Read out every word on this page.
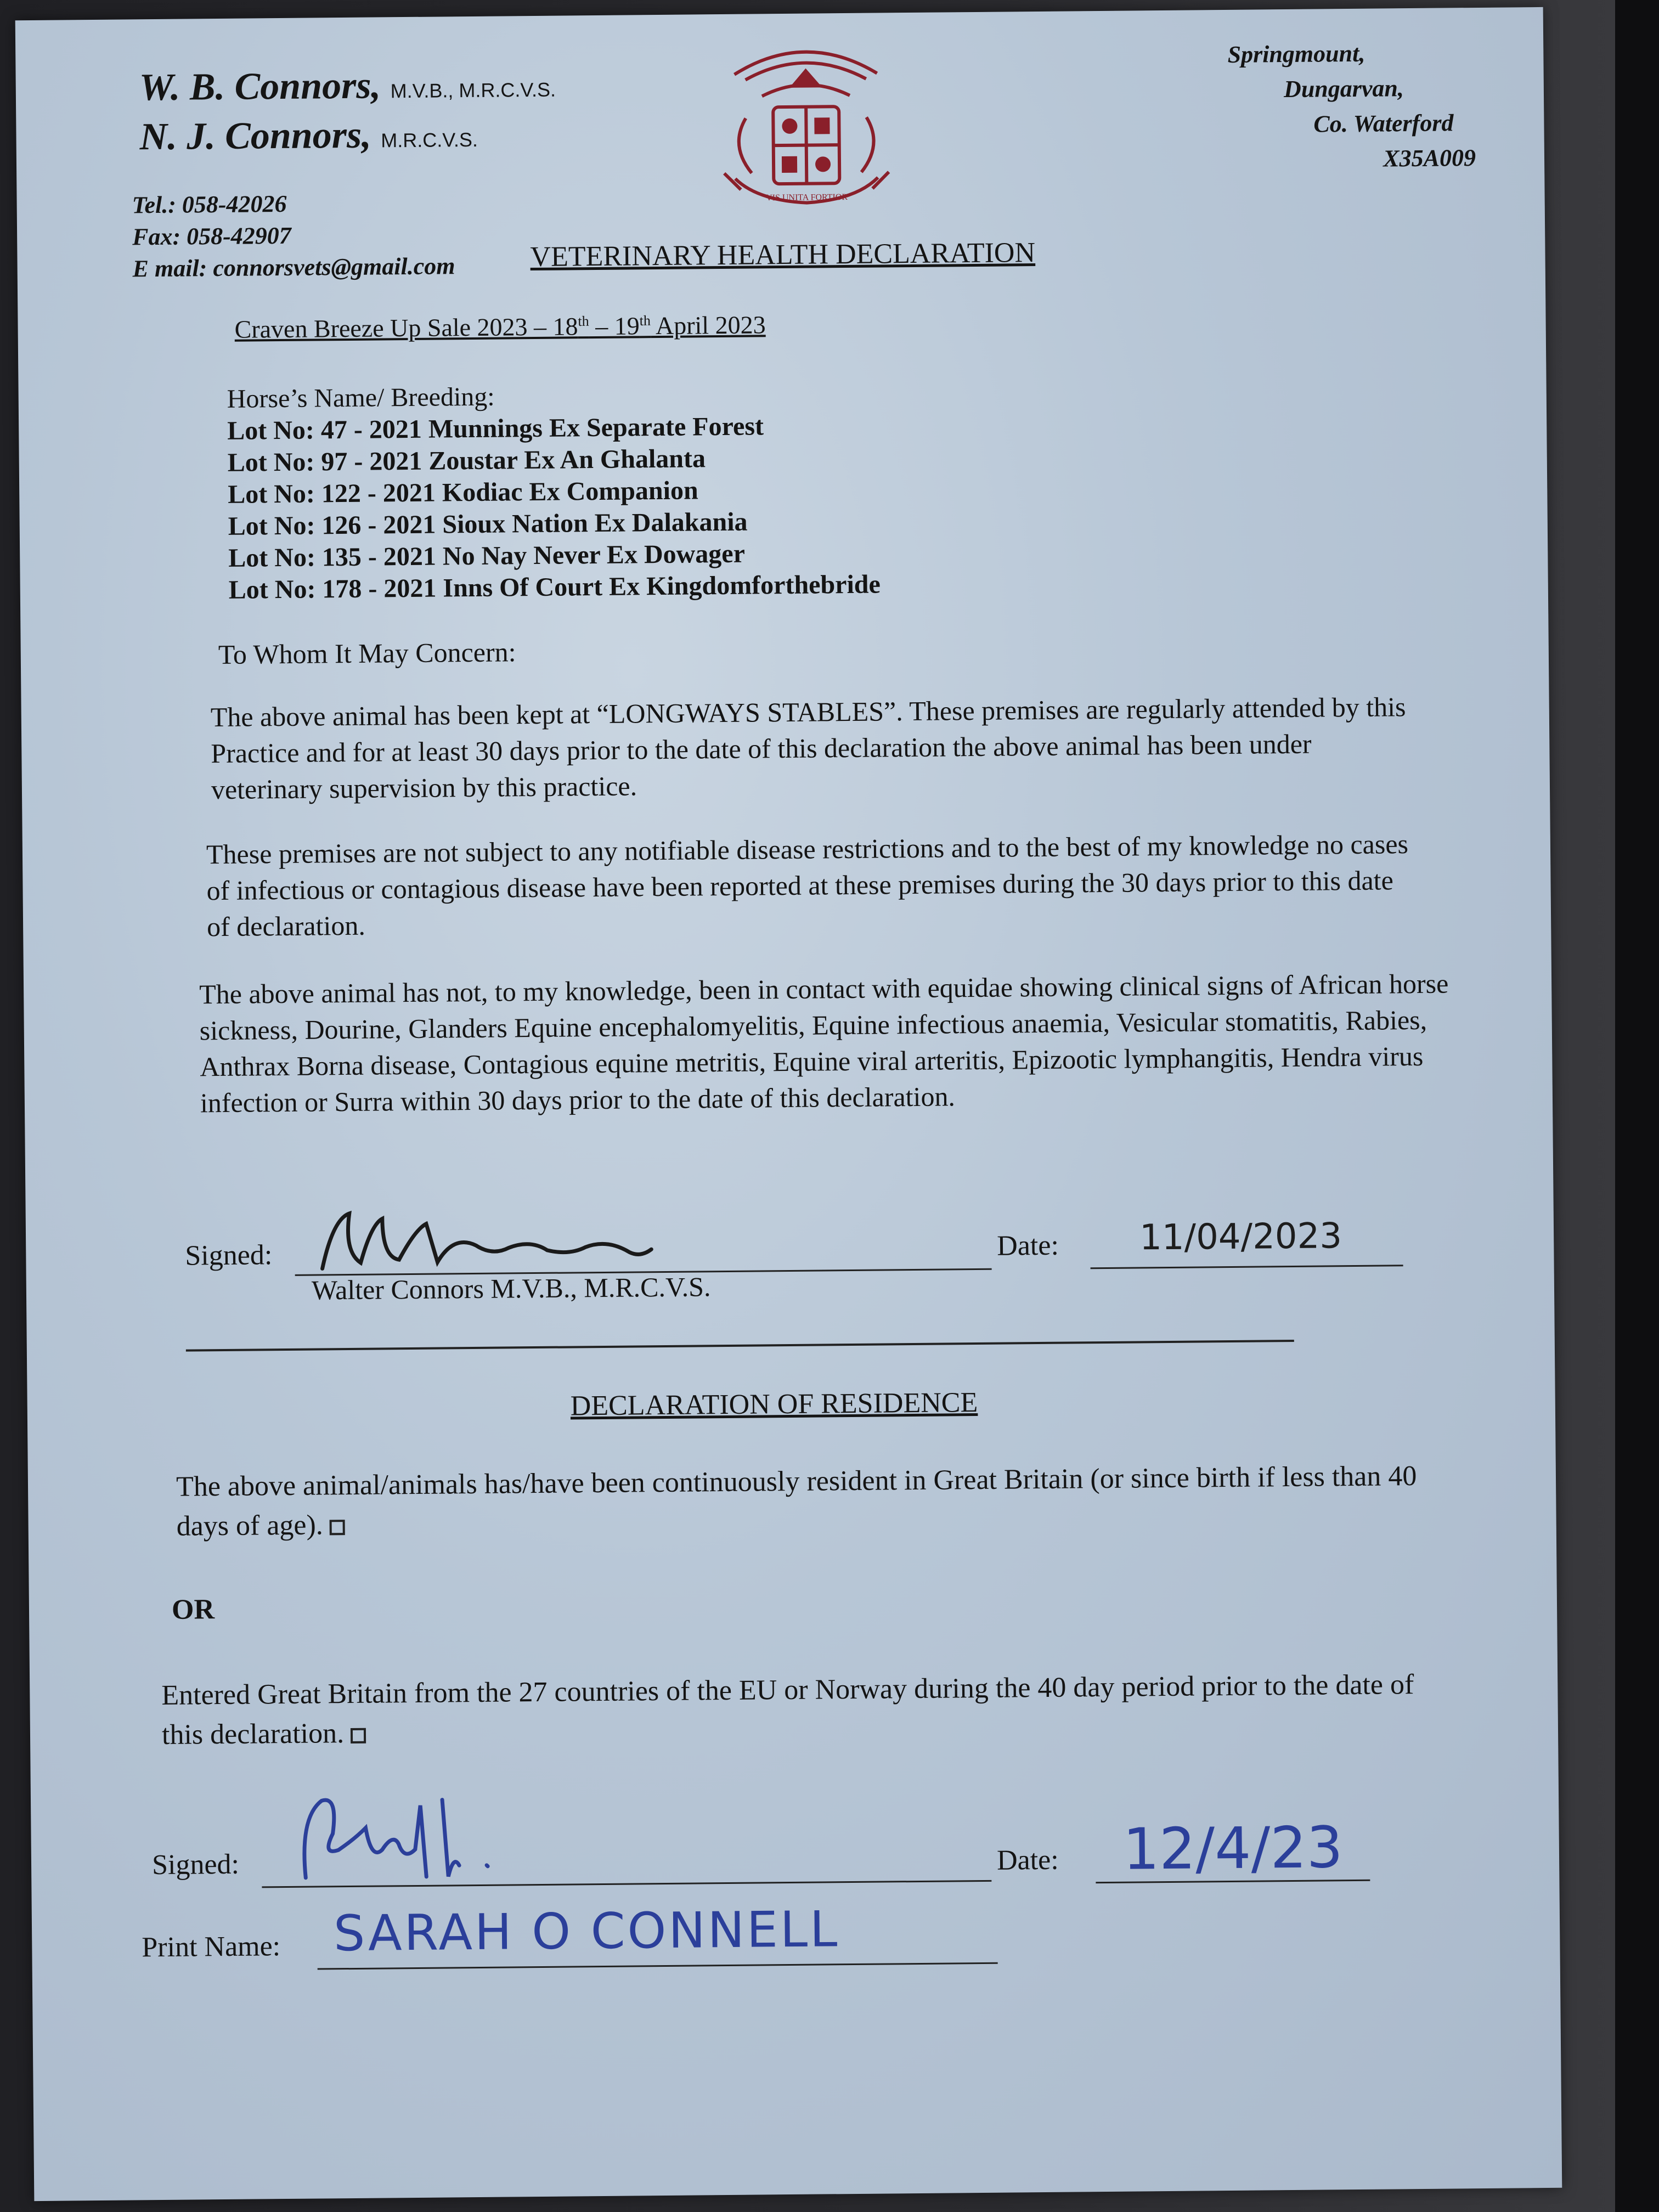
W. B. Connors, M.V.B., M.R.C.V.S.
N. J. Connors, M.R.C.V.S.
VIS UNITA FORTIOR
Springmount,
Dungarvan,
Co. Waterford
X35A009
Tel.: 058-42026
Fax: 058-42907
E mail: connorsvets@gmail.com	VETERINARY HEALTH DECLARATION
Craven Breeze Up Sale 2023 – 18th – 19th April 2023
Horse’s Name/ Breeding:
Lot No: 47 - 2021 Munnings Ex Separate Forest
Lot No: 97 - 2021 Zoustar Ex An Ghalanta
Lot No: 122 - 2021 Kodiac Ex Companion
Lot No: 126 - 2021 Sioux Nation Ex Dalakania
Lot No: 135 - 2021 No Nay Never Ex Dowager
Lot No: 178 - 2021 Inns Of Court Ex Kingdomforthebride
To Whom It May Concern:
The above animal has been kept at “LONGWAYS STABLES”. These premises are regularly attended by this Practice and for at least 30 days prior to the date of this declaration the above animal has been under veterinary supervision by this practice.
These premises are not subject to any notifiable disease restrictions and to the best of my knowledge no cases of infectious or contagious disease have been reported at these premises during the 30 days prior to this date of declaration.
The above animal has not, to my knowledge, been in contact with equidae showing clinical signs of African horse sickness, Dourine, Glanders Equine encephalomyelitis, Equine infectious anaemia, Vesicular stomatitis, Rabies, Anthrax Borna disease, Contagious equine metritis, Equine viral arteritis, Epizootic lymphangitis, Hendra virus infection or Surra within 30 days prior to the date of this declaration.
Signed:	Date: 11/04/2023
Walter Connors M.V.B., M.R.C.V.S.
DECLARATION OF RESIDENCE
The above animal/animals has/have been continuously resident in Great Britain (or since birth if less than 40 days of age).
OR
Entered Great Britain from the 27 countries of the EU or Norway during the 40 day period prior to the date of this declaration.
Signed:	Date: 12/4/23
Print Name: SARAH O CONNELL
